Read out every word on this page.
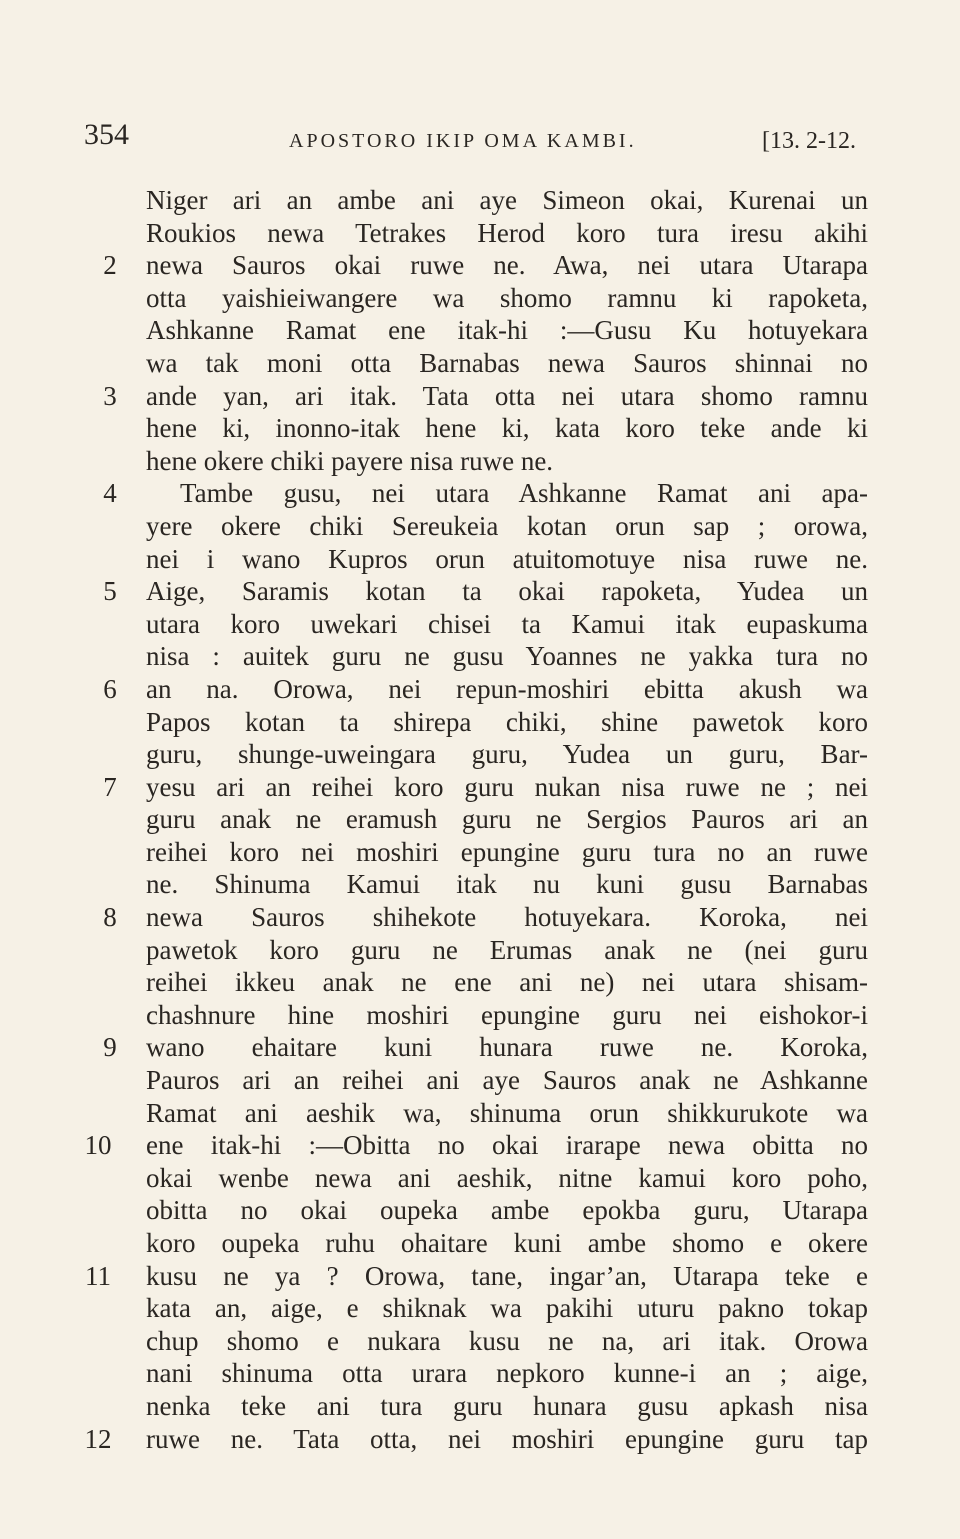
354	APOSTORO IKIP OMA KAMBI.	[13. 2-12.
Niger ari an ambe ani aye Simeon okai, Kurenai un
Roukios newa Tetrakes Herod koro tura iresu akihi
2 newa Sauros okai ruwe ne. Awa, nei utara Utarapa
otta yaishieiwangere wa shomo ramnu ki rapoketa,
Ashkanne Ramat ene itak-hi :—Gusu Ku hotuyekara
wa tak moni otta Barnabas newa Sauros shinnai no
3 ande yan, ari itak. Tata otta nei utara shomo ramnu
hene ki, inonno-itak hene ki, kata koro teke ande ki
hene okere chiki payere nisa ruwe ne.
4 Tambe gusu, nei utara Ashkanne Ramat ani apa-
yere okere chiki Sereukeia kotan orun sap ; orowa,
nei i wano Kupros orun atuitomotuye nisa ruwe ne.
5 Aige, Saramis kotan ta okai rapoketa, Yudea un
utara koro uwekari chisei ta Kamui itak eupaskuma
nisa : auitek guru ne gusu Yoannes ne yakka tura no
6 an na. Orowa, nei repun-moshiri ebitta akush wa
Papos kotan ta shirepa chiki, shine pawetok koro
guru, shunge-uweingara guru, Yudea un guru, Bar-
7 yesu ari an reihei koro guru nukan nisa ruwe ne ; nei
guru anak ne eramush guru ne Sergios Pauros ari an
reihei koro nei moshiri epungine guru tura no an ruwe
ne. Shinuma Kamui itak nu kuni gusu Barnabas
8 newa Sauros shihekote hotuyekara. Koroka, nei
pawetok koro guru ne Erumas anak ne (nei guru
reihei ikkeu anak ne ene ani ne) nei utara shisam-
chashnure hine moshiri epungine guru nei eishokor-i
9 wano ehaitare kuni hunara ruwe ne. Koroka,
Pauros ari an reihei ani aye Sauros anak ne Ashkanne
Ramat ani aeshik wa, shinuma orun shikkurukote wa
10 ene itak-hi :—Obitta no okai irarape newa obitta no
okai wenbe newa ani aeshik, nitne kamui koro poho,
obitta no okai oupeka ambe epokba guru, Utarapa
koro oupeka ruhu ohaitare kuni ambe shomo e okere
11 kusu ne ya ? Orowa, tane, ingar’an, Utarapa teke e
kata an, aige, e shiknak wa pakihi uturu pakno tokap
chup shomo e nukara kusu ne na, ari itak. Orowa
nani shinuma otta urara nepkoro kunne-i an ; aige,
nenka teke ani tura guru hunara gusu apkash nisa
12 ruwe ne. Tata otta, nei moshiri epungine guru tap
